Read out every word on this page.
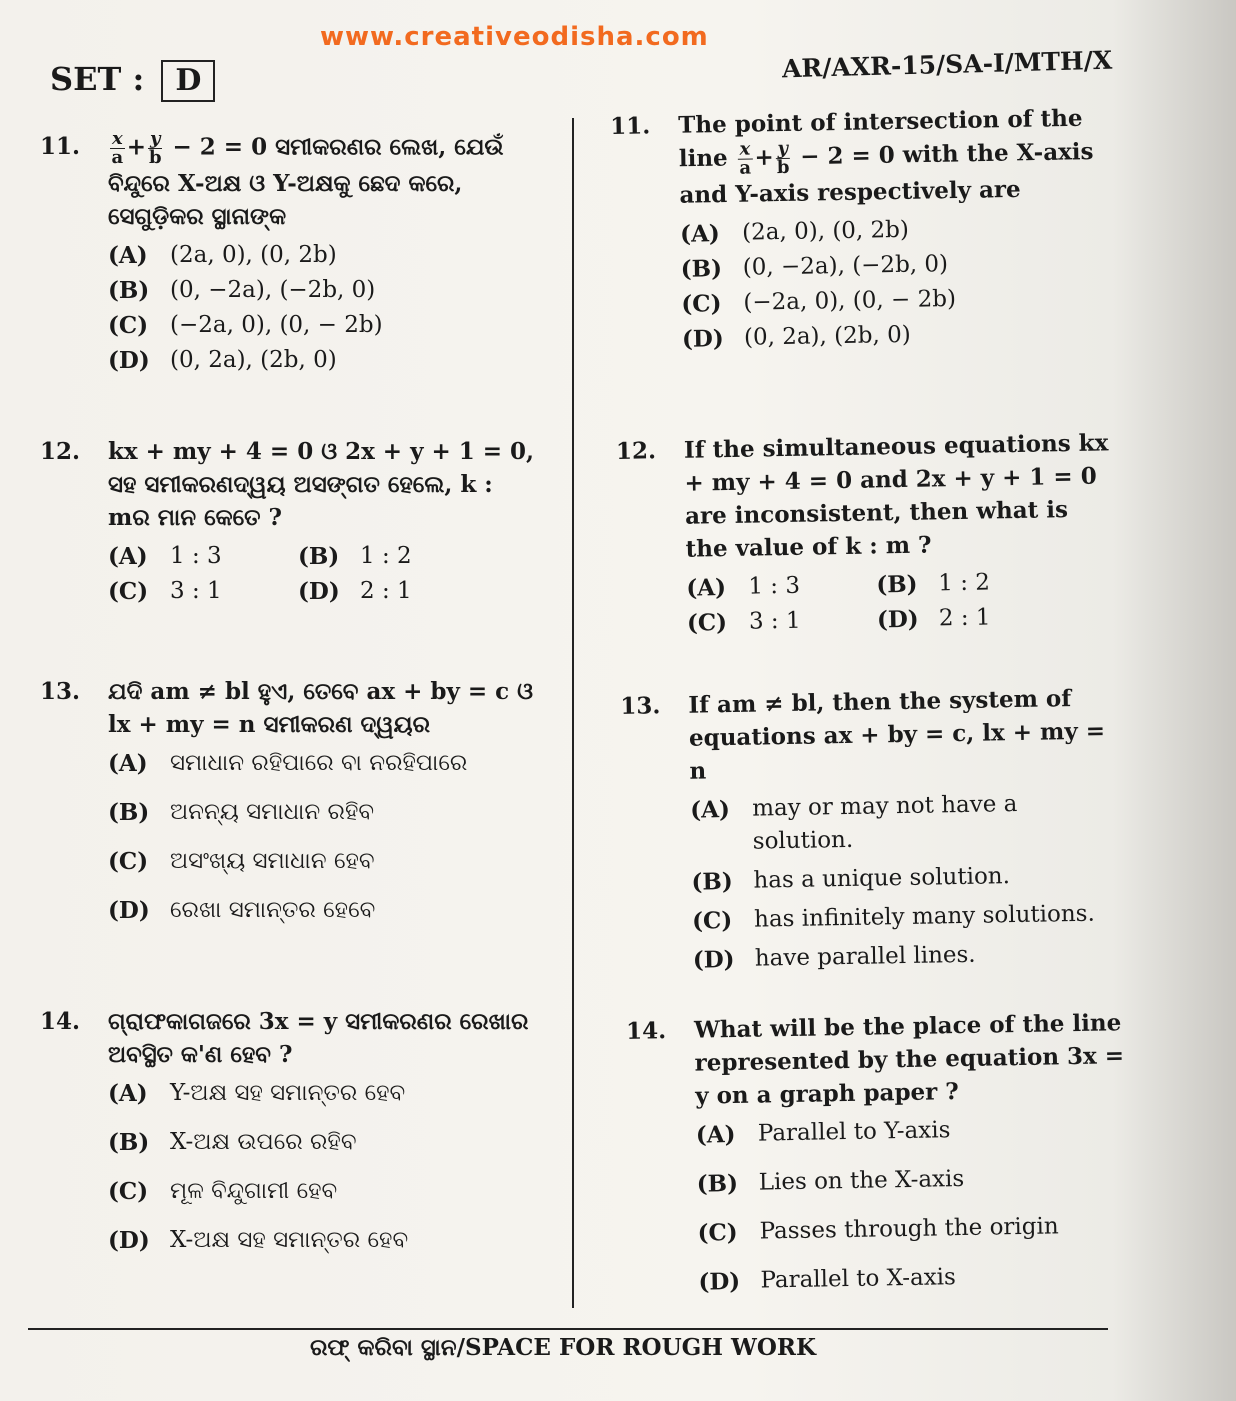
www.creativeodisha.com
SET : D	AR/AXR-15/SA-I/MTH/X
11. $\frac{x}{a} + \frac{y}{b} - 2 = 0$ ସମୀକରଣର ଲେଖ, ଯେଉଁ ବିନ୍ଦୁରେ X-ଅକ୍ଷ ଓ Y-ଅକ୍ଷକୁ ଛେଦ କରେ, ସେଗୁଡ଼ିକର ସ୍ଥାନାଙ୍କ
(A) (2a, 0), (0, 2b)
(B) (0, −2a), (−2b, 0)
(C) (−2a, 0), (0, − 2b)
(D) (0, 2a), (2b, 0)
12. kx + my + 4 = 0 ଓ 2x + y + 1 = 0, ସହ ସମୀକରଣଦ୍ୱୟ ଅସଙ୍ଗତ ହେଲେ, k : mର ମାନ କେତେ ?
(A) 1 : 3	(B) 1 : 2
(C) 3 : 1	(D) 2 : 1
13. ଯଦି am ≠ bl ହୁଏ, ତେବେ ax + by = c ଓ lx + my = n ସମୀକରଣ ଦ୍ୱୟର
(A) ସମାଧାନ ରହିପାରେ ବା ନରହିପାରେ
(B) ଅନନ୍ୟ ସମାଧାନ ରହିବ
(C) ଅସଂଖ୍ୟ ସମାଧାନ ହେବ
(D) ରେଖା ସମାନ୍ତର ହେବେ
14. ଗ୍ରାଫକାଗଜରେ 3x = y ସମୀକରଣର ରେଖାର ଅବସ୍ଥିତ କ'ଣ ହେବ ?
(A) Y-ଅକ୍ଷ ସହ ସମାନ୍ତର ହେବ
(B) X-ଅକ୍ଷ ଉପରେ ରହିବ
(C) ମୂଳ ବିନ୍ଦୁଗାମୀ ହେବ
(D) X-ଅକ୍ଷ ସହ ସମାନ୍ତର ହେବ
11. The point of intersection of the line $\frac{x}{a} + \frac{y}{b} - 2 = 0$ with the X-axis and Y-axis respectively are
(A) (2a, 0), (0, 2b)
(B) (0, −2a), (−2b, 0)
(C) (−2a, 0), (0, − 2b)
(D) (0, 2a), (2b, 0)
12. If the simultaneous equations kx + my + 4 = 0 and 2x + y + 1 = 0 are inconsistent, then what is the value of k : m ?
(A) 1 : 3	(B) 1 : 2
(C) 3 : 1	(D) 2 : 1
13. If am ≠ bl, then the system of equations ax + by = c, lx + my = n
(A) may or may not have a solution.
(B) has a unique solution.
(C) has infinitely many solutions.
(D) have parallel lines.
14. What will be the place of the line represented by the equation 3x = y on a graph paper ?
(A) Parallel to Y-axis
(B) Lies on the X-axis
(C) Passes through the origin
(D) Parallel to X-axis
ରଫ୍ କରିବା ସ୍ଥାନ/SPACE FOR ROUGH WORK
